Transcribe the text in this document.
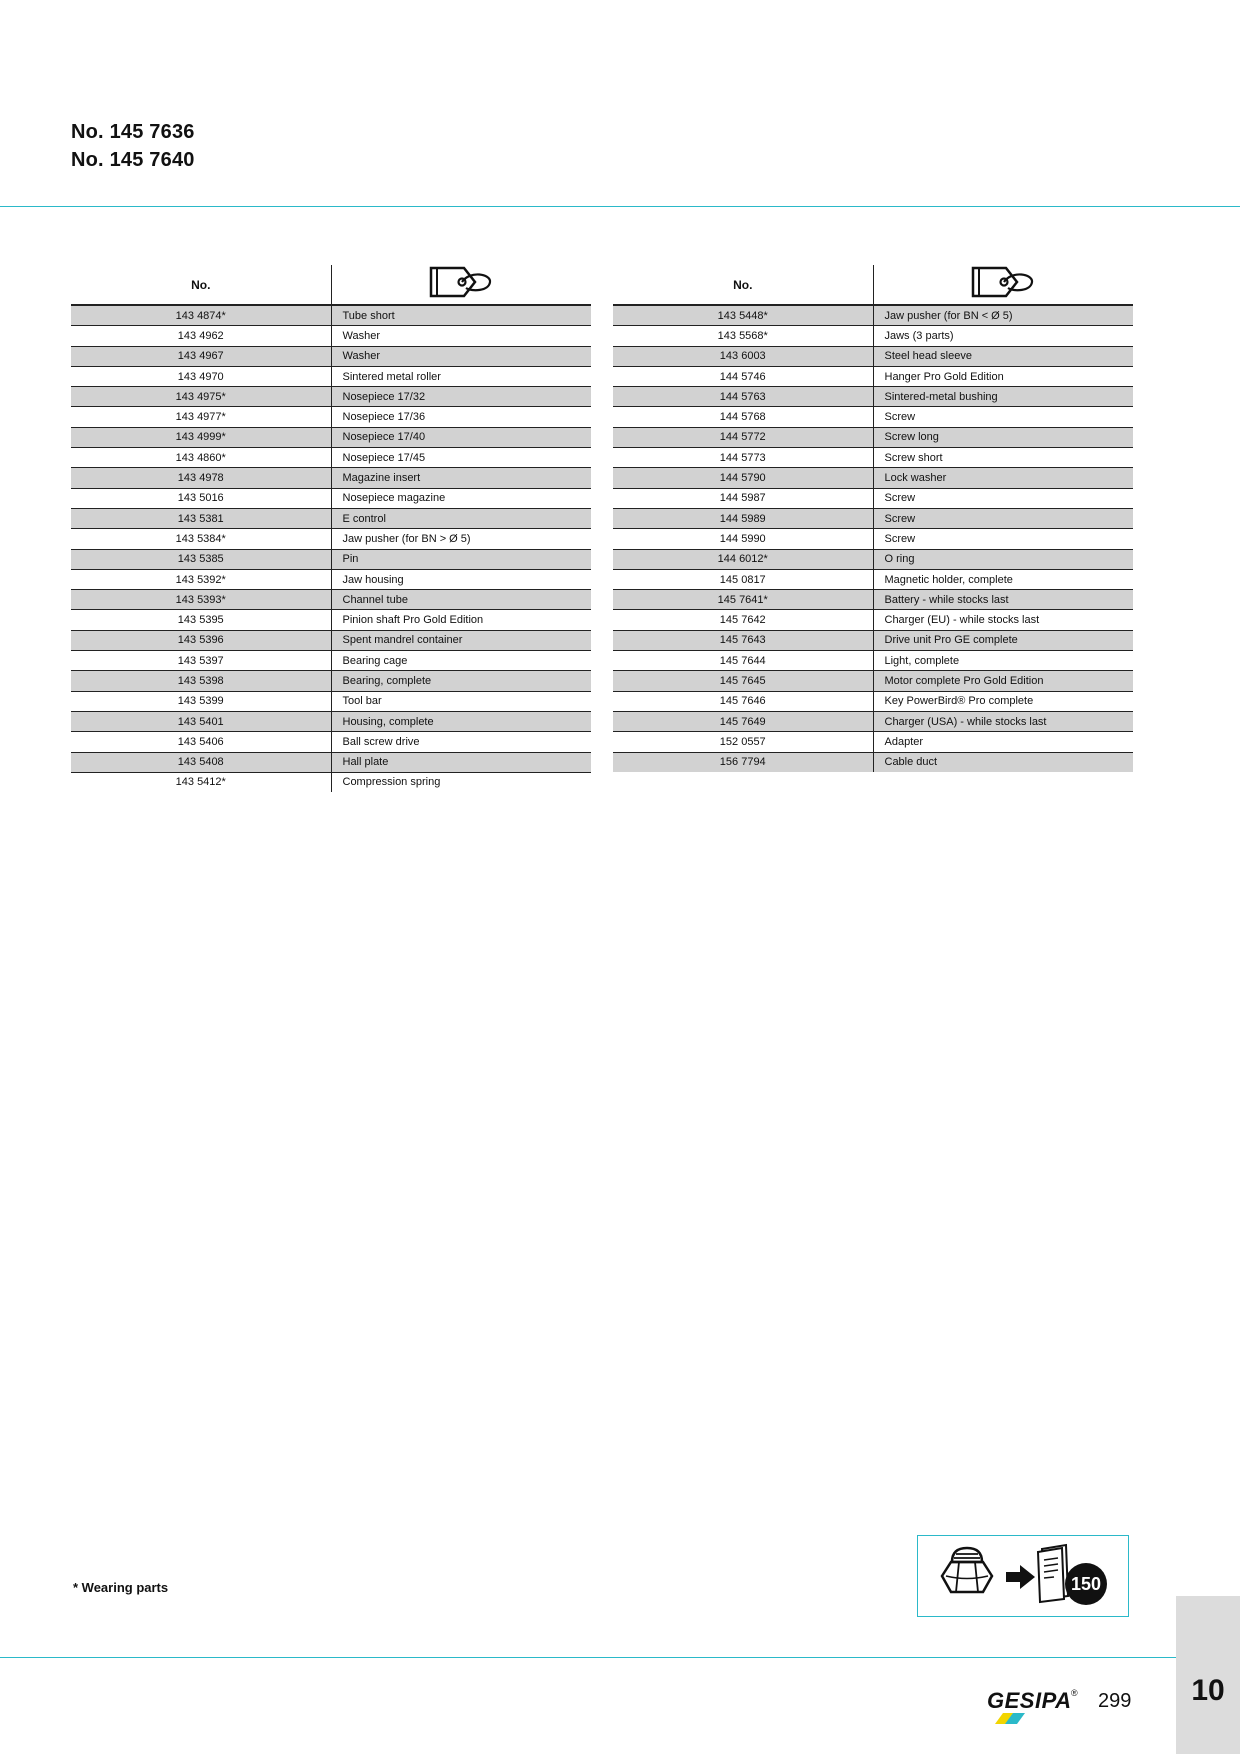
No. 145 7636
No. 145 7640
No.	
143 4874*	Tube short
143 4962	Washer
143 4967	Washer
143 4970	Sintered metal roller
143 4975*	Nosepiece 17/32
143 4977*	Nosepiece 17/36
143 4999*	Nosepiece 17/40
143 4860*	Nosepiece 17/45
143 4978	Magazine insert
143 5016	Nosepiece magazine
143 5381	E control
143 5384*	Jaw pusher (for BN > Ø 5)
143 5385	Pin
143 5392*	Jaw housing
143 5393*	Channel tube
143 5395	Pinion shaft Pro Gold Edition
143 5396	Spent mandrel container
143 5397	Bearing cage
143 5398	Bearing, complete
143 5399	Tool bar
143 5401	Housing, complete
143 5406	Ball screw drive
143 5408	Hall plate
143 5412*	Compression spring
No.	
143 5448*	Jaw pusher (for BN < Ø 5)
143 5568*	Jaws (3 parts)
143 6003	Steel head sleeve
144 5746	Hanger Pro Gold Edition
144 5763	Sintered-metal bushing
144 5768	Screw
144 5772	Screw long
144 5773	Screw short
144 5790	Lock washer
144 5987	Screw
144 5989	Screw
144 5990	Screw
144 6012*	O ring
145 0817	Magnetic holder, complete
145 7641*	Battery - while stocks last
145 7642	Charger (EU) - while stocks last
145 7643	Drive unit Pro GE complete
145 7644	Light, complete
145 7645	Motor complete Pro Gold Edition
145 7646	Key PowerBird® Pro complete
145 7649	Charger (USA) - while stocks last
152 0557	Adapter
156 7794	Cable duct
* Wearing parts	150
GESIPA ® 299	10
